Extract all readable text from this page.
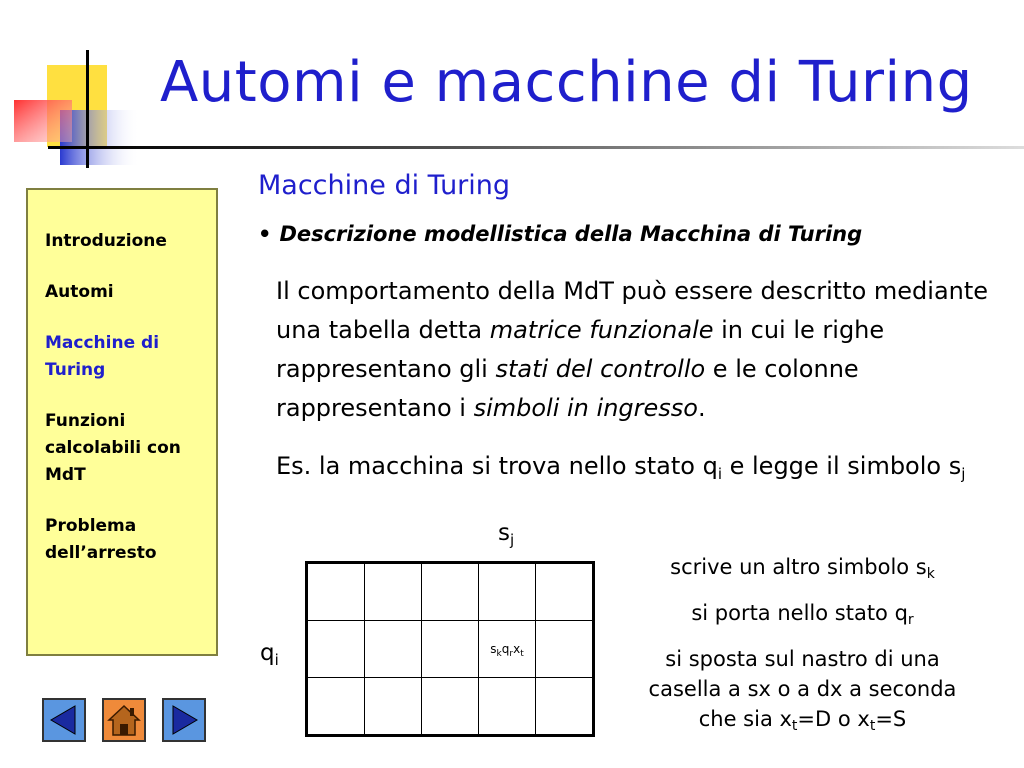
Automi e macchine di Turing
Introduzione
Automi
Macchine di Turing
Funzioni calcolabili con MdT
Problema dell’arresto
Macchine di Turing
• Descrizione modellistica della Macchina di Turing
Il comportamento della MdT può essere descritto mediante una tabella detta matrice funzionale in cui le righe rappresentano gli stati del controllo e le colonne rappresentano i simboli in ingresso.
Es. la macchina si trova nello stato $q_i$ e legge il simbolo $s_j$
$s_j$
$q_i$

			$s_kq_rx_t$	

scrive un altro simbolo $s_k$
si porta nello stato $q_r$
si sposta sul nastro di una casella a sx o a dx a seconda che sia $x_t=D$ o $x_t=S$
